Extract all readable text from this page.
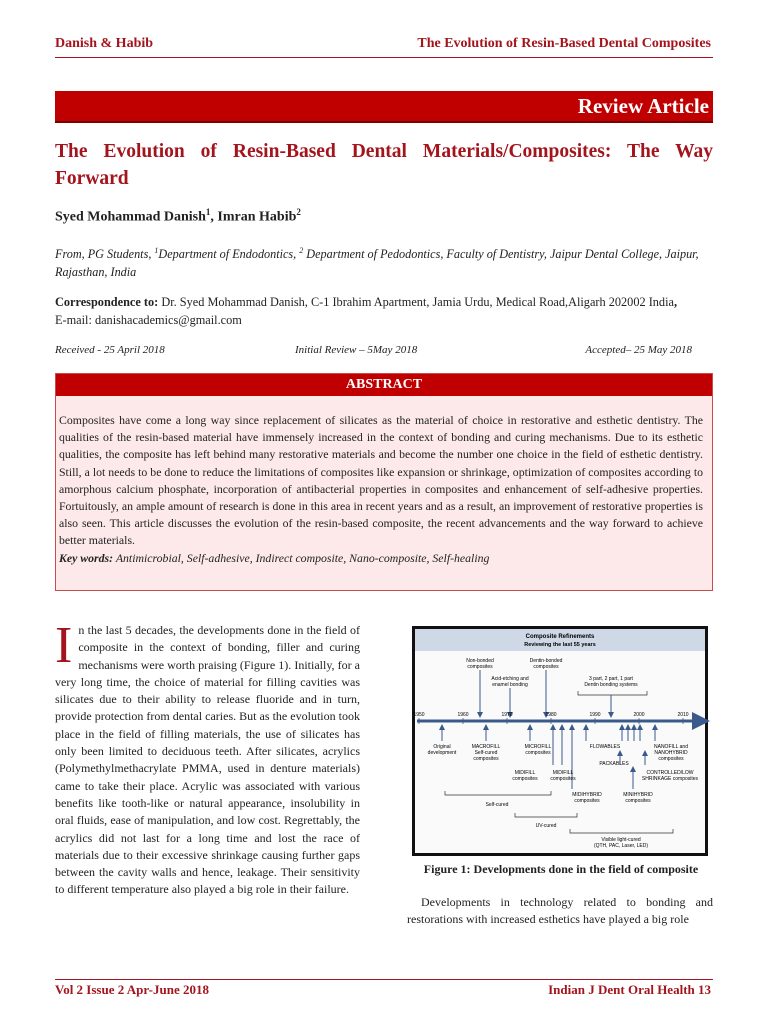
Danish & Habib	The Evolution of Resin-Based Dental Composites
Review Article
The Evolution of Resin-Based Dental Materials/Composites: The Way Forward
Syed Mohammad Danish$^1$, Imran Habib$^2$
From, PG Students, $^1$Department of Endodontics, $^2$ Department of Pedodontics, Faculty of Dentistry, Jaipur Dental College, Jaipur, Rajasthan, India
Correspondence to: Dr. Syed Mohammad Danish, C-1 Ibrahim Apartment, Jamia Urdu, Medical Road,Aligarh 202002 India,
E-mail: danishacademics@gmail.com
Received - 25 April 2018	Initial Review – 5May 2018	Accepted– 25 May 2018
ABSTRACT
Composites have come a long way since replacement of silicates as the material of choice in restorative and esthetic dentistry. The qualities of the resin-based material have immensely increased in the context of bonding and curing mechanisms. Due to its esthetic qualities, the composite has left behind many restorative materials and become the number one choice in the field of esthetic dentistry. Still, a lot needs to be done to reduce the limitations of composites like expansion or shrinkage, optimization of composites according to amorphous calcium phosphate, incorporation of antibacterial properties in composites and enhancement of self-adhesive properties. Fortuitously, an ample amount of research is done in this area in recent years and as a result, an improvement of restorative properties is also seen. This article discusses the evolution of the resin-based composite, the recent advancements and the way forward to achieve better materials.
Key words: Antimicrobial, Self-adhesive, Indirect composite, Nano-composite, Self-healing
In the last 5 decades, the developments done in the field of composite in the context of bonding, filler and curing mechanisms were worth praising (Figure 1). Initially, for a very long time, the choice of material for filling cavities was silicates due to their ability to release fluoride and in turn, provide protection from dental caries. But as the evolution took place in the field of filling materials, the use of silicates has only been limited to deciduous teeth. After silicates, acrylics (Polymethylmethacrylate PMMA, used in denture materials) came to take their place. Acrylic was associated with various benefits like tooth-like or natural appearance, insolubility in oral fluids, ease of manipulation, and low cost. Regrettably, the acrylics did not last for a long time and lost the race of materials due to their excessive shrinkage causing further gaps between the cavity walls and hence, leakage. Their sensitivity to different temperature also played a big role in their failure.
Composite Refinements
Reviewing the last 55 years
Non-bonded
composites
Dentin-bonded
composites
Acid-etching and
enamel bonding
3 part, 2 part, 1 part
Dentin bonding systems
1950	1960	1970	1980	1990	2000	2010
Original
development
MACROFILL
Self-cured
composites
MICROFILL
composites
FLOWABLES	NANOFILL and
NANOHYBRID
composites
PACKABLES
CONTROLLED/LOW
SHRINKAGE composites
MIDIFILL
composites
MIDIFILL
composites
MIDIHYBRID
composites
MINIHYBRID
composites
Self-cured
UV-cured
Visible light-cured
(QTH, PAC, Laser, LED)
Figure 1: Developments done in the field of composite
Developments in technology related to bonding and restorations with increased esthetics have played a big role
Vol 2 Issue 2 Apr-June 2018	Indian J Dent Oral Health 13
